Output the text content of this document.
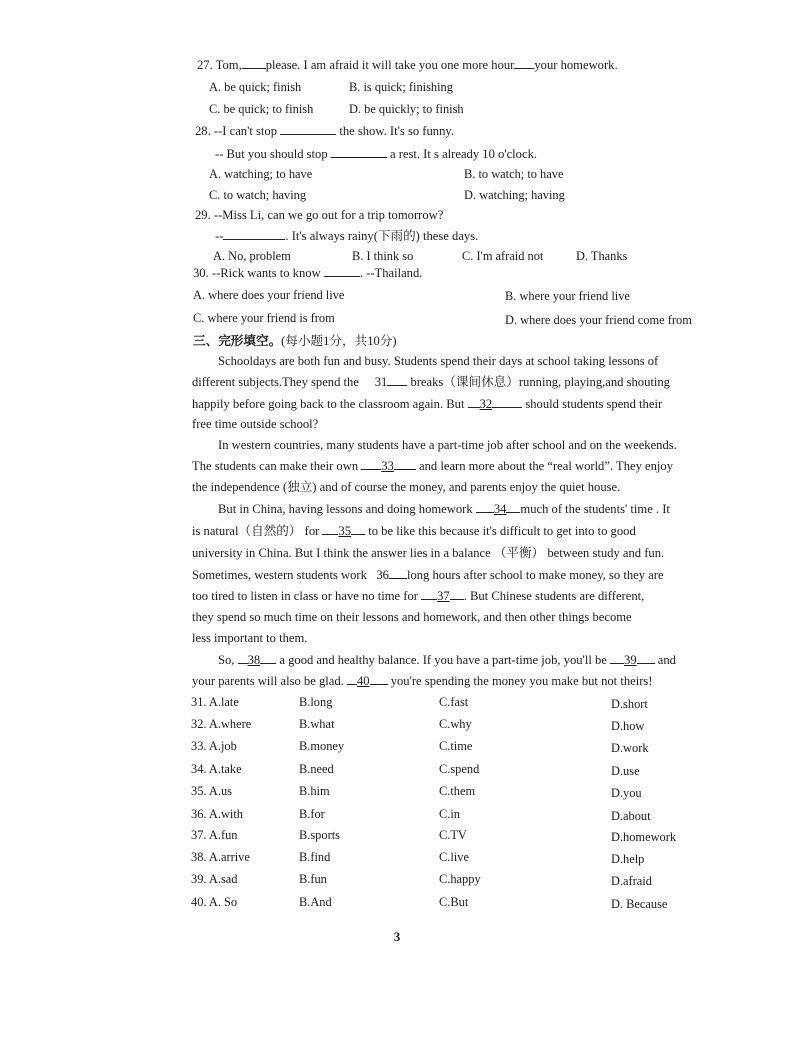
27. Tom, please. I am afraid it will take you one more hour your homework.
A. be quick; finish	B. is quick; finishing
C. be quick; to finish	D. be quickly; to finish
28. --I can't stop	the show. It's so funny.
-- But you should stop	a rest. It s already 10 o'clock.
A. watching; to have	B. to watch; to have
C. to watch; having	D. watching; having
29. --Miss Li, can we go out for a trip tomorrow?
--	. It's always rainy(下雨的) these days.
A. No, problem	B. I think so	C. I'm afraid not	D. Thanks
30. --Rick wants to know	. --Thailand.
A. where does your friend live	B. where your friend live
C. where your friend is from	D. where does your friend come from
三、完形填空。(每小题1分，共10分)
Schooldays are both fun and busy. Students spend their days at school taking lessons of
different subjects.They spend the 31 breaks（课间休息）running, playing,and shouting
happily before going back to the classroom again. But 32	should students spend their
free time outside school?
In western countries, many students have a part-time job after school and on the weekends.
The students can make their own 33 and learn more about the “real world”. They enjoy
the independence (独立) and of course the money, and parents enjoy the quiet house.
But in China, having lessons and doing homework 34 much of the students' time . It
is natural（自然的） for 35 to be like this because it's difficult to get into to good
university in China. But I think the answer lies in a balance （平衡） between study and fun.
Sometimes, western students work 36 long hours after school to make money, so they are
too tired to listen in class or have no time for 37 . But Chinese students are different,
they spend so much time on their lessons and homework, and then other things become
less important to them.
So, 38 a good and healthy balance. If you have a part-time job, you'll be 39 and
your parents will also be glad. 40 you're spending the money you make but not theirs!
31. A.late	B.long	C.fast	D.short
32. A.where	B.what	C.why	D.how
33. A.job	B.money	C.time	D.work
34. A.take	B.need	C.spend	D.use
35. A.us	B.him	C.them	D.you
36. A.with	B.for	C.in	D.about
37. A.fun	B.sports	C.TV	D.homework
38. A.arrive	B.find	C.live	D.help
39. A.sad	B.fun	C.happy	D.afraid
40. A. So	B.And	C.But	D. Because
3
